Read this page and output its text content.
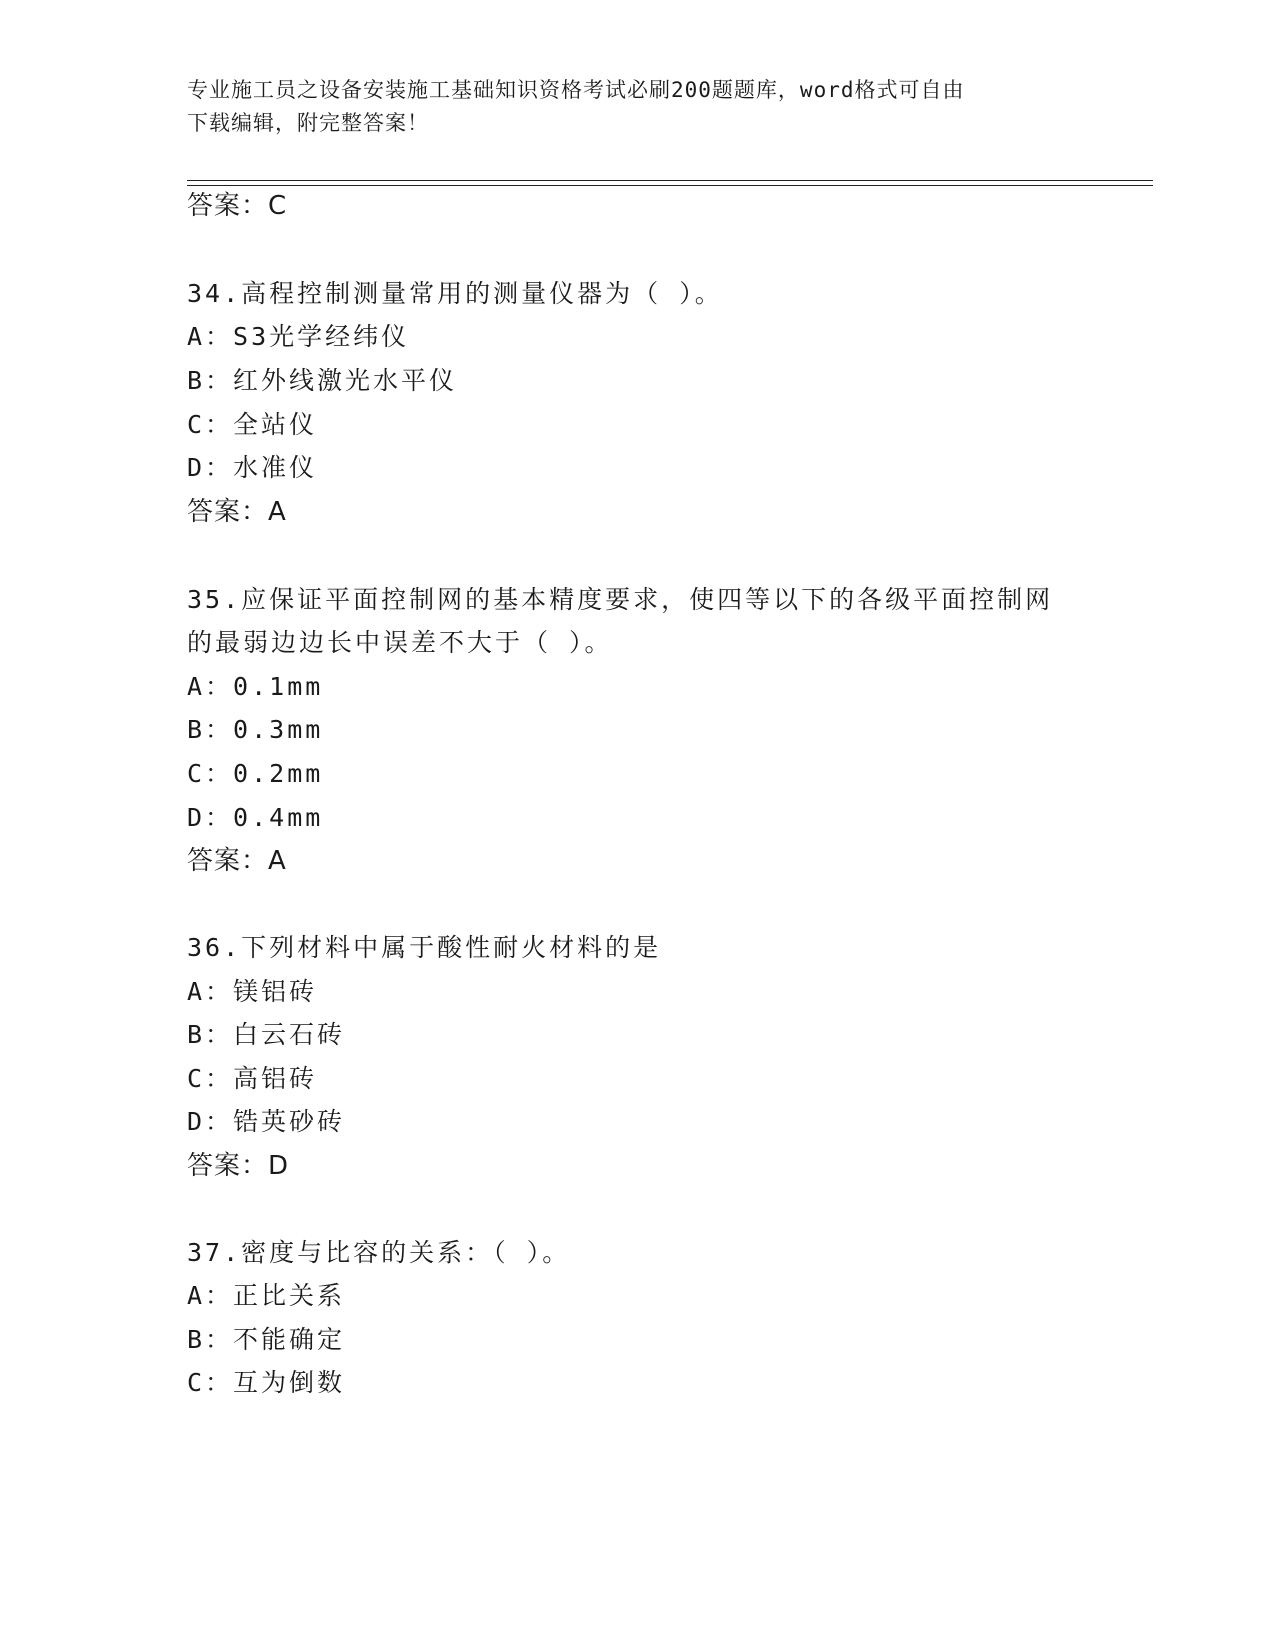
专业施工员之设备安装施工基础知识资格考试必刷200题题库，word格式可自由
下载编辑，附完整答案！
答案：C
34.高程控制测量常用的测量仪器为（ ）。
A：S3光学经纬仪
B：红外线激光水平仪
C：全站仪
D：水准仪
答案：A
35.应保证平面控制网的基本精度要求，使四等以下的各级平面控制网
的最弱边边长中误差不大于（ ）。
A：0.1mm
B：0.3mm
C：0.2mm
D：0.4mm
答案：A
36.下列材料中属于酸性耐火材料的是
A：镁铝砖
B：白云石砖
C：高铝砖
D：锆英砂砖
答案：D
37.密度与比容的关系：（ ）。
A：正比关系
B：不能确定
C：互为倒数
